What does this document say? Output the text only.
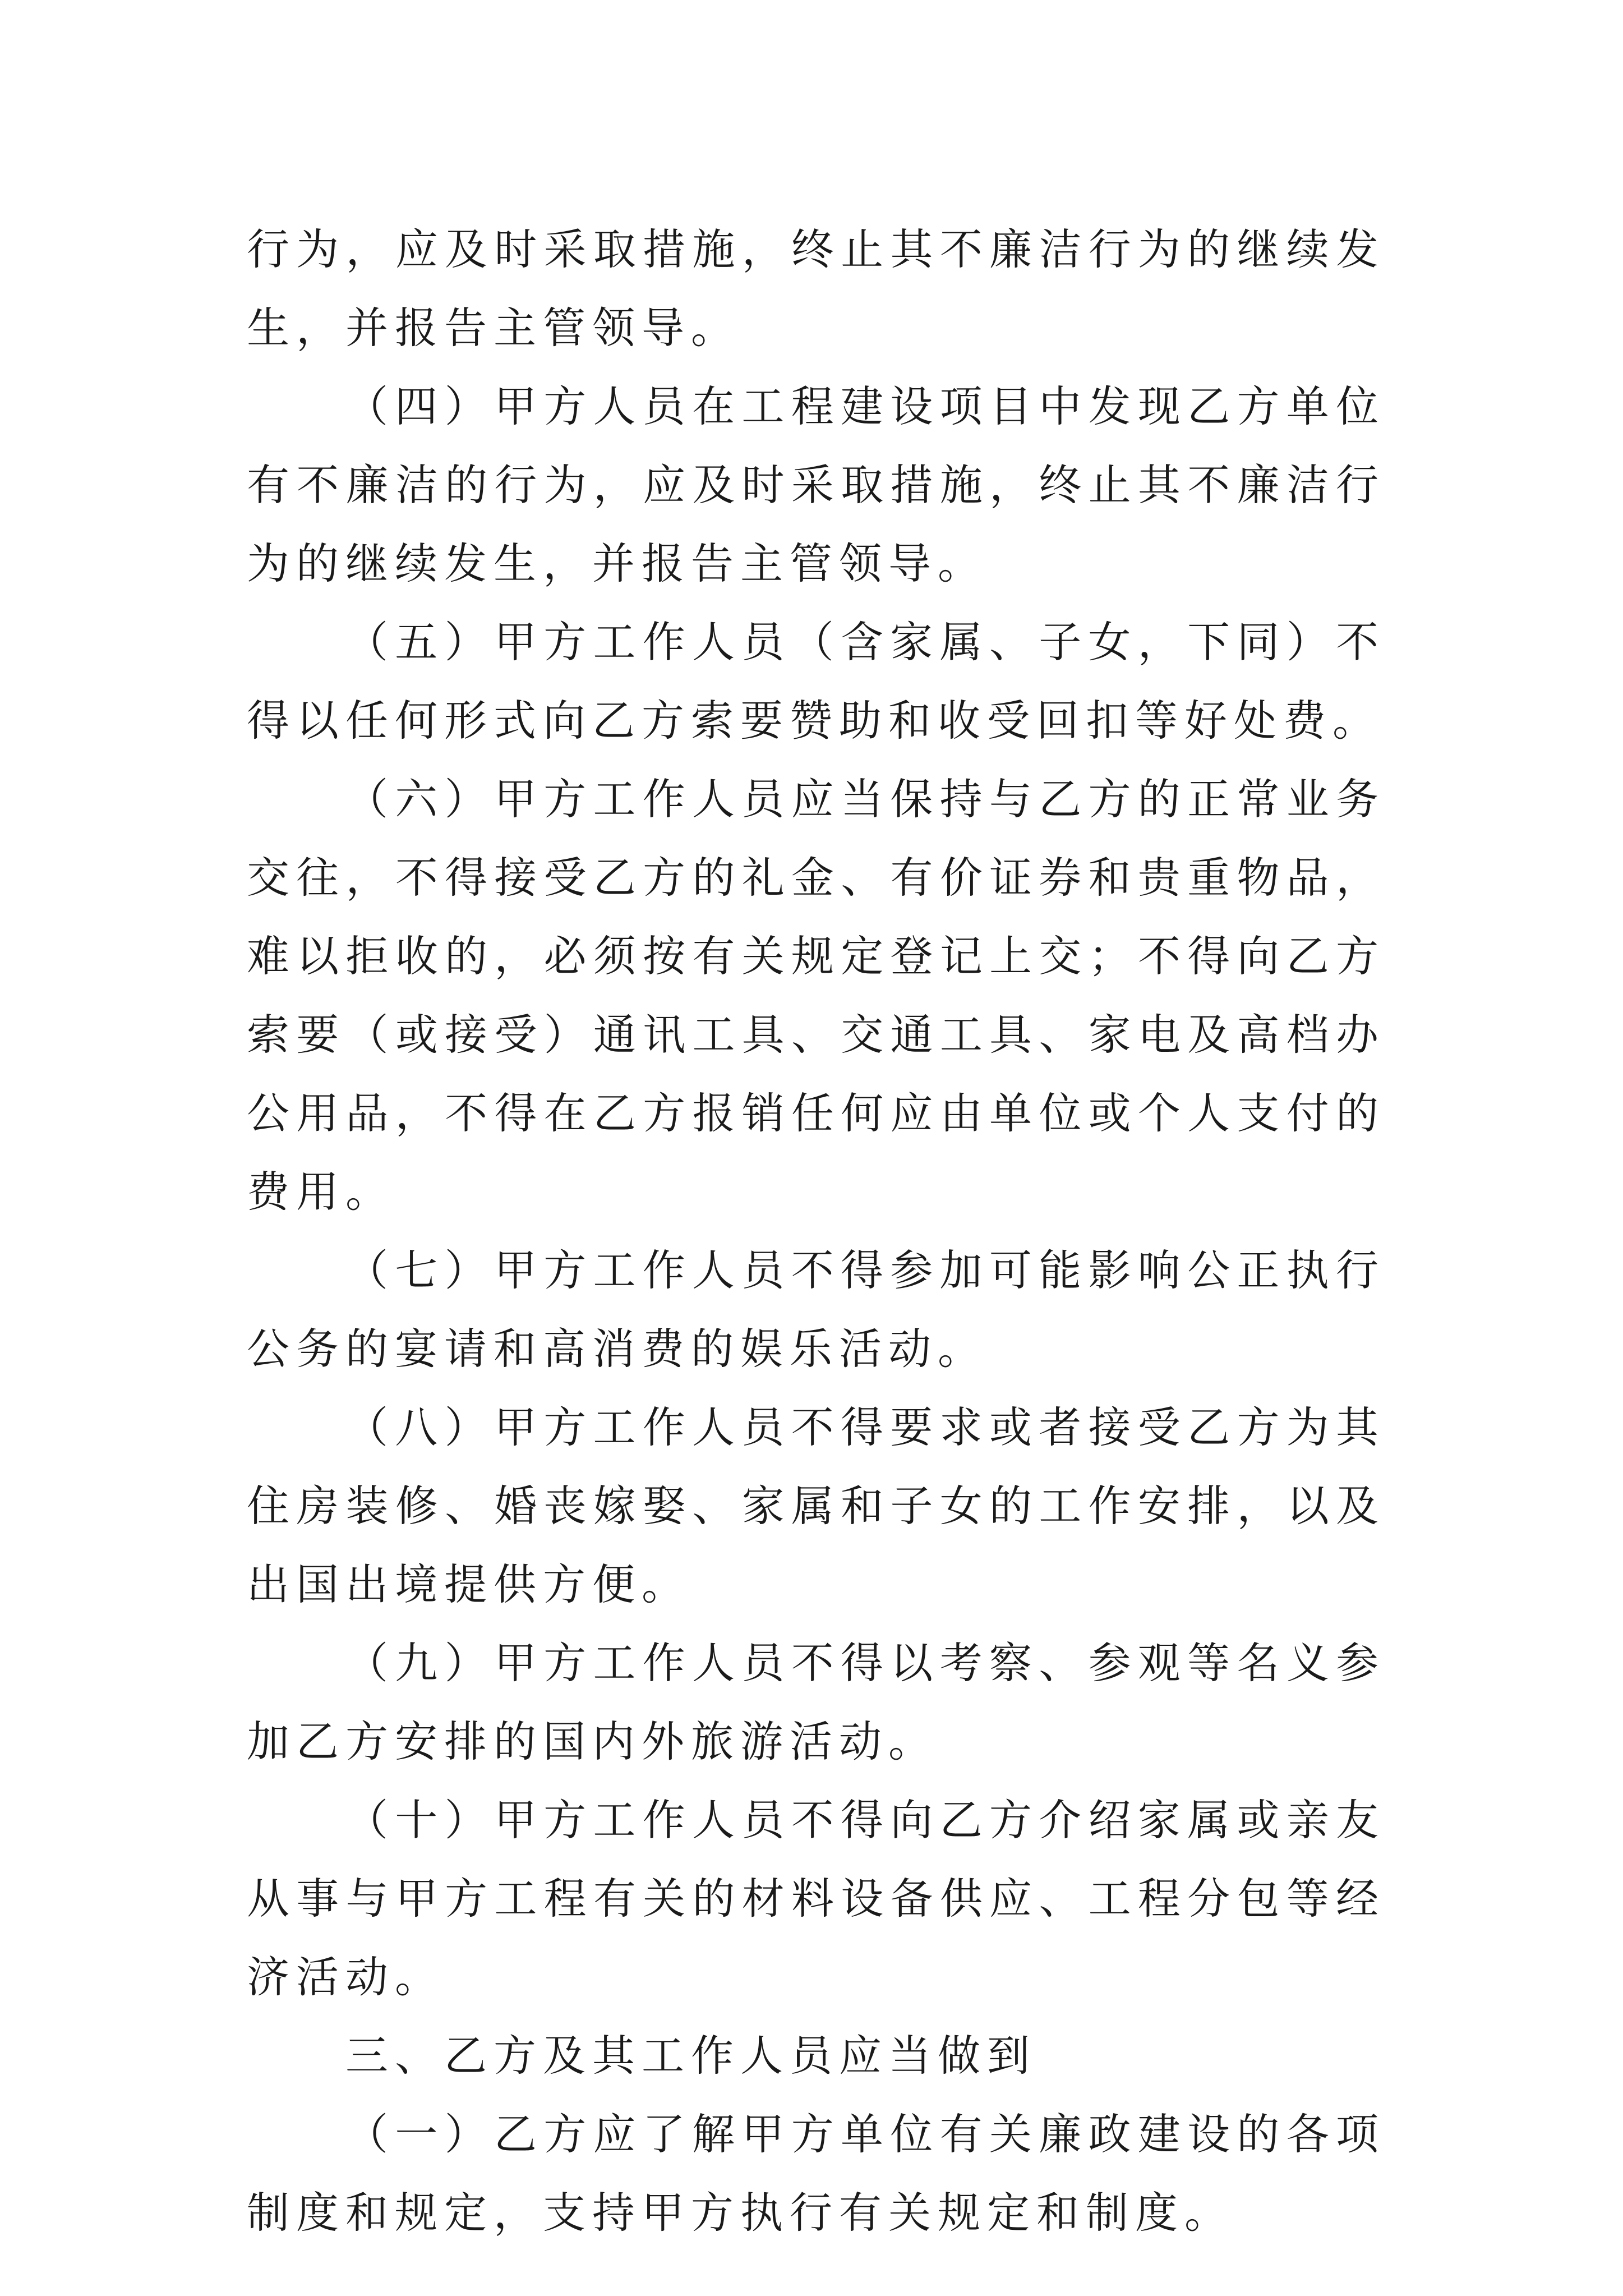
行为，应及时采取措施，终止其不廉洁行为的继续发生，并报告主管领导。

（四）甲方人员在工程建设项目中发现乙方单位有不廉洁的行为，应及时采取措施，终止其不廉洁行为的继续发生，并报告主管领导。

（五）甲方工作人员（含家属、子女，下同）不得以任何形式向乙方索要赞助和收受回扣等好处费。

（六）甲方工作人员应当保持与乙方的正常业务交往，不得接受乙方的礼金、有价证券和贵重物品，难以拒收的，必须按有关规定登记上交；不得向乙方索要（或接受）通讯工具、交通工具、家电及高档办公用品，不得在乙方报销任何应由单位或个人支付的费用。

（七）甲方工作人员不得参加可能影响公正执行公务的宴请和高消费的娱乐活动。

（八）甲方工作人员不得要求或者接受乙方为其住房装修、婚丧嫁娶、家属和子女的工作安排，以及出国出境提供方便。

（九）甲方工作人员不得以考察、参观等名义参加乙方安排的国内外旅游活动。

（十）甲方工作人员不得向乙方介绍家属或亲友从事与甲方工程有关的材料设备供应、工程分包等经济活动。

三、乙方及其工作人员应当做到

（一）乙方应了解甲方单位有关廉政建设的各项制度和规定，支持甲方执行有关规定和制度。
